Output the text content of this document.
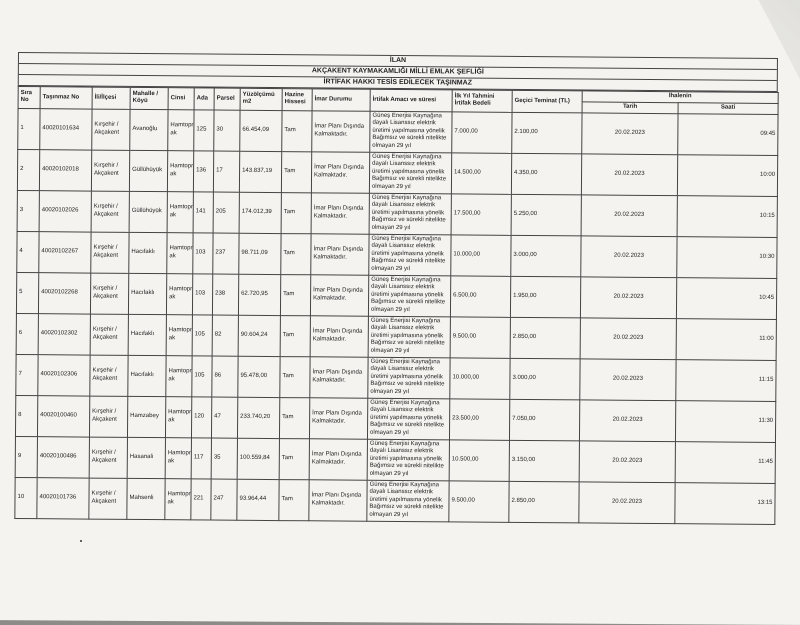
İLAN
AKÇAKENT KAYMAKAMLIĞI MİLLİ EMLAK ŞEFLİĞİ
İRTİFAK HAKKI TESİS EDİLECEK TAŞINMAZ
Sıra No	Taşınmaz No	İli/İlçesi	Mahalle / Köyü	Cinsi	Ada	Parsel	Yüzölçümü m2	Hazine Hissesi	İmar Durumu	İrtifak Amacı ve süresi	İlk Yıl Tahmini İrtifak Bedeli	Geçici Teminat (TL)	İhalenin	
													Tarih	Saati
1	40020101634	Kırşehir / Akçakent	Avanoğlu	Hamtopr ak	125	30	66.454,09	Tam	İmar Planı Dışında Kalmaktadır.	Güneş Enerjisi Kaynağına dayalı Lisanssız elektrik üretimi yapılmasına yönelik Bağımsız ve sürekli nitelikte olmayan 29 yıl	7.000,00	2.100,00	20.02.2023	09:45
2	40020102018	Kırşehir / Akçakent	Güllühüyük	Hamtopr ak	136	17	143.837,19	Tam	İmar Planı Dışında Kalmaktadır.	Güneş Enerjisi Kaynağına dayalı Lisanssız elektrik üretimi yapılmasına yönelik Bağımsız ve sürekli nitelikte olmayan 29 yıl	14.500,00	4.350,00	20.02.2023	10:00
3	40020102026	Kırşehir / Akçakent	Güllühüyük	Hamtopr ak	141	205	174.012,39	Tam	İmar Planı Dışında Kalmaktadır.	Güneş Enerjisi Kaynağına dayalı Lisanssız elektrik üretimi yapılmasına yönelik Bağımsız ve sürekli nitelikte olmayan 29 yıl	17.500,00	5.250,00	20.02.2023	10:15
4	40020102267	Kırşehir / Akçakent	Hacıfaklı	Hamtopr ak	103	237	98.711,09	Tam	İmar Planı Dışında Kalmaktadır.	Güneş Enerjisi Kaynağına dayalı Lisanssız elektrik üretimi yapılmasına yönelik Bağımsız ve sürekli nitelikte olmayan 29 yıl	10.000,00	3.000,00	20.02.2023	10:30
5	40020102268	Kırşehir / Akçakent	Hacıfaklı	Hamtopr ak	103	238	62.720,95	Tam	İmar Planı Dışında Kalmaktadır.	Güneş Enerjisi Kaynağına dayalı Lisanssız elektrik üretimi yapılmasına yönelik Bağımsız ve sürekli nitelikte olmayan 29 yıl	6.500,00	1.950,00	20.02.2023	10:45
6	40020102302	Kırşehir / Akçakent	Hacıfaklı	Hamtopr ak	105	82	90.604,24	Tam	İmar Planı Dışında Kalmaktadır.	Güneş Enerjisi Kaynağına dayalı Lisanssız elektrik üretimi yapılmasına yönelik Bağımsız ve sürekli nitelikte olmayan 29 yıl	9.500,00	2.850,00	20.02.2023	11:00
7	40020102306	Kırşehir / Akçakent	Hacıfaklı	Hamtopr ak	105	86	95.478,00	Tam	İmar Planı Dışında Kalmaktadır.	Güneş Enerjisi Kaynağına dayalı Lisanssız elektrik üretimi yapılmasına yönelik Bağımsız ve sürekli nitelikte olmayan 29 yıl	10.000,00	3.000,00	20.02.2023	11:15
8	40020100460	Kırşehir / Akçakent	Hamzabey	Hamtopr ak	120	47	233.740,20	Tam	İmar Planı Dışında Kalmaktadır.	Güneş Enerjisi Kaynağına dayalı Lisanssız elektrik üretimi yapılmasına yönelik Bağımsız ve sürekli nitelikte olmayan 29 yıl	23.500,00	7.050,00	20.02.2023	11:30
9	40020100486	Kırşehir / Akçakent	Hasanali	Hamtopr ak	117	35	100.559,84	Tam	İmar Planı Dışında Kalmaktadır.	Güneş Enerjisi Kaynağına dayalı Lisanssız elektrik üretimi yapılmasına yönelik Bağımsız ve sürekli nitelikte olmayan 29 yıl	10.500,00	3.150,00	20.02.2023	11:45
10	40020101736	Kırşehir / Akçakent	Mahsenli	Hamtopr ak	221	247	93.964,44	Tam	İmar Planı Dışında Kalmaktadır.	Güneş Enerjisi Kaynağına dayalı Lisanssız elektrik üretimi yapılmasına yönelik Bağımsız ve sürekli nitelikte olmayan 29 yıl	9.500,00	2.850,00	20.02.2023	13:15
